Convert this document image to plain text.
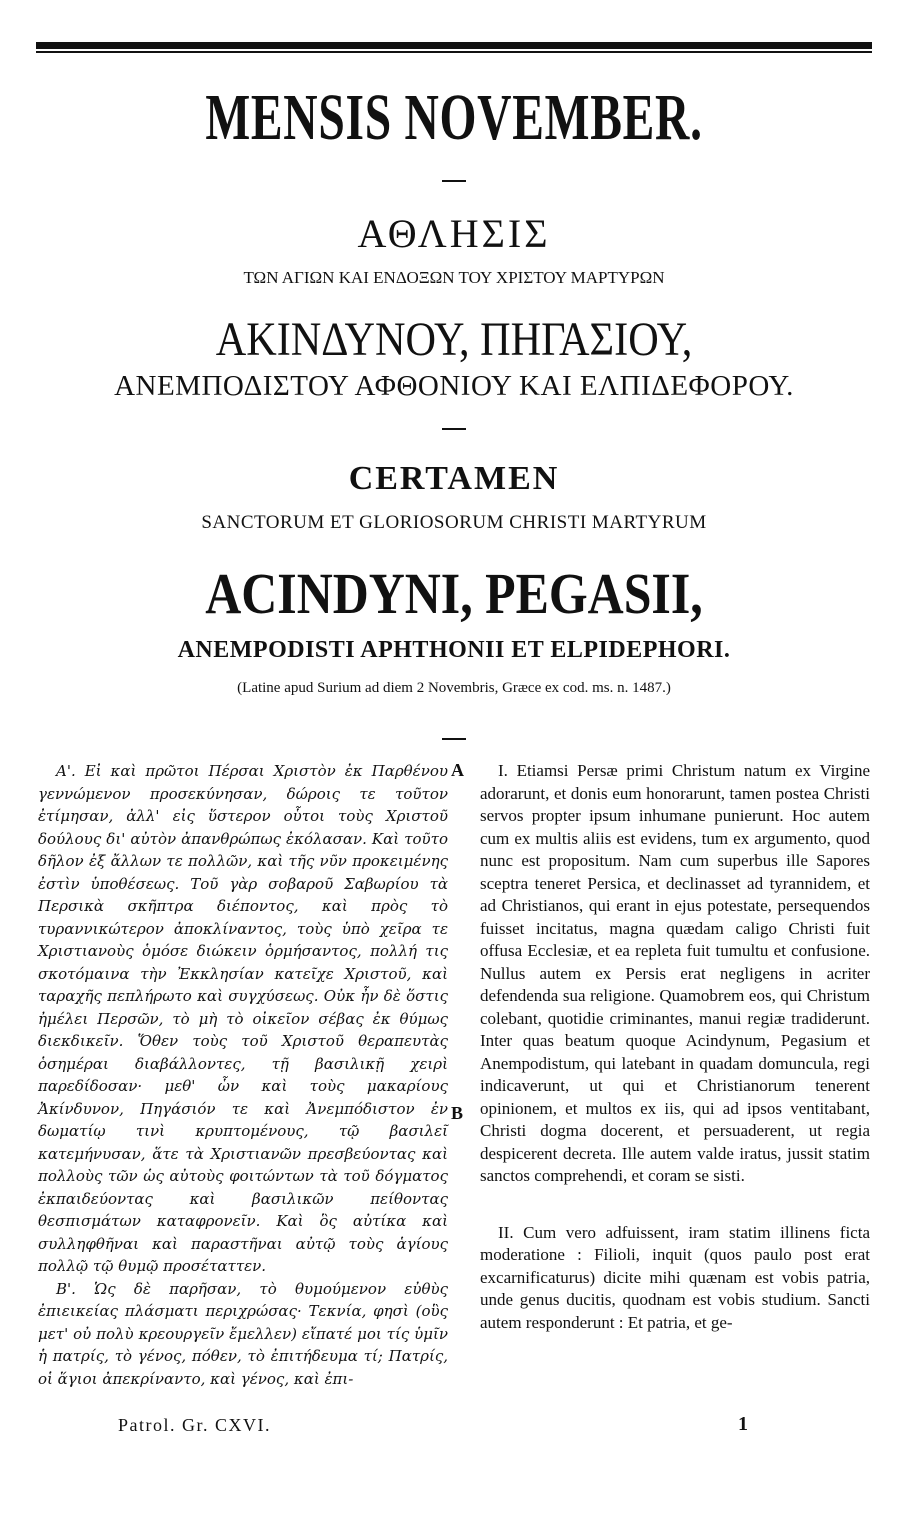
MENSIS NOVEMBER.
ΑΘΛΗΣΙΣ
ΤΩΝ ΑΓΙΩΝ ΚΑΙ ΕΝΔΟΞΩΝ ΤΟΥ ΧΡΙΣΤΟΥ ΜΑΡΤΥΡΩΝ
ΑΚΙΝΔΥΝΟΥ, ΠΗΓΑΣΙΟΥ,
ΑΝΕΜΠΟΔΙΣΤΟΥ ΑΦΘΟΝΙΟΥ ΚΑΙ ΕΛΠΙΔΕΦΟΡΟΥ.
CERTAMEN
SANCTORUM ET GLORIOSORUM CHRISTI MARTYRUM
ACINDYNI, PEGASII,
ANEMPODISTI APHTHONII ET ELPIDEPHORI.
(Latine apud Surium ad diem 2 Novembris, Græce ex cod. ms. n. 1487.)

Α'. Εἰ καὶ πρῶτοι Πέρσαι Χριστὸν ἐκ Παρθένου γεννώμενον προσεκύνησαν, δώροις τε τοῦτον ἐτίμησαν, ἀλλ' εἰς ὕστερον οὗτοι τοὺς Χριστοῦ δούλους δι' αὐτὸν ἀπανθρώπως ἐκόλασαν. Καὶ τοῦτο δῆλον ἐξ ἄλλων τε πολλῶν, καὶ τῆς νῦν προκειμένης ἐστὶν ὑποθέσεως. Τοῦ γὰρ σοβαροῦ Σαβωρίου τὰ Περσικὰ σκῆπτρα διέποντος, καὶ πρὸς τὸ τυραννικώτερον ἀποκλίναντος, τοὺς ὑπὸ χεῖρα τε Χριστιανοὺς ὁμόσε διώκειν ὁρμήσαντος, πολλή τις σκοτόμαινα τὴν Ἐκκλησίαν κατεῖχε Χριστοῦ, καὶ ταραχῆς πεπλήρωτο καὶ συγχύσεως. Οὐκ ἦν δὲ ὅστις ἠμέλει Περσῶν, τὸ μὴ τὸ οἰκεῖον σέβας ἐκ θύμως διεκδικεῖν. Ὅθεν τοὺς τοῦ Χριστοῦ θεραπευτὰς ὁσημέραι διαβάλλοντες, τῇ βασιλικῇ χειρὶ παρεδίδοσαν· μεθ' ὧν καὶ τοὺς μακαρίους Ἀκίνδυνον, Πηγάσιόν τε καὶ Ἀνεμπόδιστον ἐν δωματίῳ τινὶ κρυπτομένους, τῷ βασιλεῖ κατεμήνυσαν, ἅτε τὰ Χριστιανῶν πρεσβεύοντας καὶ πολλοὺς τῶν ὡς αὐτοὺς φοιτώντων τὰ τοῦ δόγματος ἐκπαιδεύοντας καὶ βασιλικῶν πείθοντας θεσπισμάτων καταφρονεῖν. Καὶ ὃς αὐτίκα καὶ συλληφθῆναι καὶ παραστῆναι αὐτῷ τοὺς ἁγίους πολλῷ τῷ θυμῷ προσέταττεν.

Β'. Ὡς δὲ παρῆσαν, τὸ θυμούμενον εὐθὺς ἐπιεικείας πλάσματι περιχρώσας· Τεκνία, φησὶ (οὓς μετ' οὐ πολὺ κρεουργεῖν ἔμελλεν) εἴπατέ μοι τίς ὑμῖν ἡ πατρίς, τὸ γένος, πόθεν, τὸ ἐπιτήδευμα τί; Πατρίς, οἱ ἅγιοι ἀπεκρίναντο, καὶ γένος, καὶ ἐπι-

A
B

I. Etiamsi Persæ primi Christum natum ex Virgine adorarunt, et donis eum honorarunt, tamen postea Christi servos propter ipsum inhumane punierunt. Hoc autem cum ex multis aliis est evidens, tum ex argumento, quod nunc est propositum. Nam cum superbus ille Sapores sceptra teneret Persica, et declinasset ad tyrannidem, et ad Christianos, qui erant in ejus potestate, persequendos fuisset incitatus, magna quædam caligo Christi fuit offusa Ecclesiæ, et ea repleta fuit tumultu et confusione. Nullus autem ex Persis erat negligens in acriter defendenda sua religione. Quamobrem eos, qui Christum colebant, quotidie criminantes, manui regiæ tradiderunt. Inter quas beatum quoque Acindynum, Pegasium et Anempodistum, qui latebant in quadam domuncula, regi indicaverunt, ut qui et Christianorum tenerent opinionem, et multos ex iis, qui ad ipsos ventitabant, Christi dogma docerent, et persuaderent, ut regia despicerent decreta. Ille autem valde iratus, jussit statim sanctos comprehendi, et coram se sisti.

II. Cum vero adfuissent, iram statim illinens ficta moderatione : Filioli, inquit (quos paulo post erat excarnificaturus) dicite mihi quænam est vobis patria, unde genus ducitis, quodnam est vobis studium. Sancti autem responderunt : Et patria, et ge-

Patrol. Gr. CXVI.	1
